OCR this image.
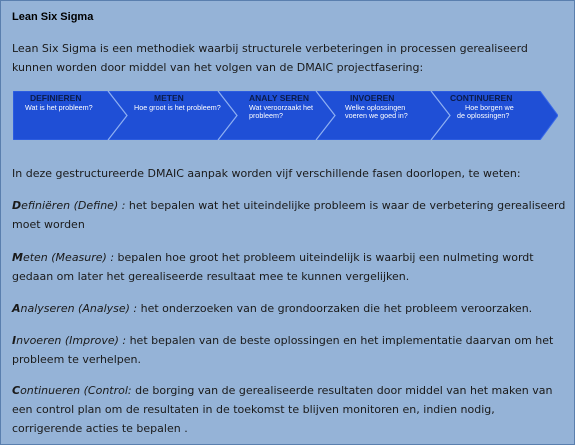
Lean Six Sigma
Lean Six Sigma is een methodiek waarbij structurele verbeteringen in processen gerealiseerd kunnen worden door middel van het volgen van de DMAIC projectfasering:
DEFINIEREN
Wat is het probleem?
METEN
Hoe groot is het probleem?
ANALY SEREN
Wat veroorzaakt het
probleem?
INVOEREN
Welke oplossingen
voeren we goed in?
CONTINUEREN
Hoe borgen we
de oplossingen?

In deze gestructureerde DMAIC aanpak worden vijf verschillende fasen doorlopen, te weten:

Definiëren (Define) : het bepalen wat het uiteindelijke probleem is waar de verbetering gerealiseerd moet worden

Meten (Measure) : bepalen hoe groot het probleem uiteindelijk is waarbij een nulmeting wordt gedaan om later het gerealiseerde resultaat mee te kunnen vergelijken.

Analyseren (Analyse) : het onderzoeken van de grondoorzaken die het probleem veroorzaken.

Invoeren (Improve) : het bepalen van de beste oplossingen en het implementatie daarvan om het probleem te verhelpen.

Continueren (Control: de borging van de gerealiseerde resultaten door middel van het maken van een control plan om de resultaten in de toekomst te blijven monitoren en, indien nodig, corrigerende acties te bepalen .
